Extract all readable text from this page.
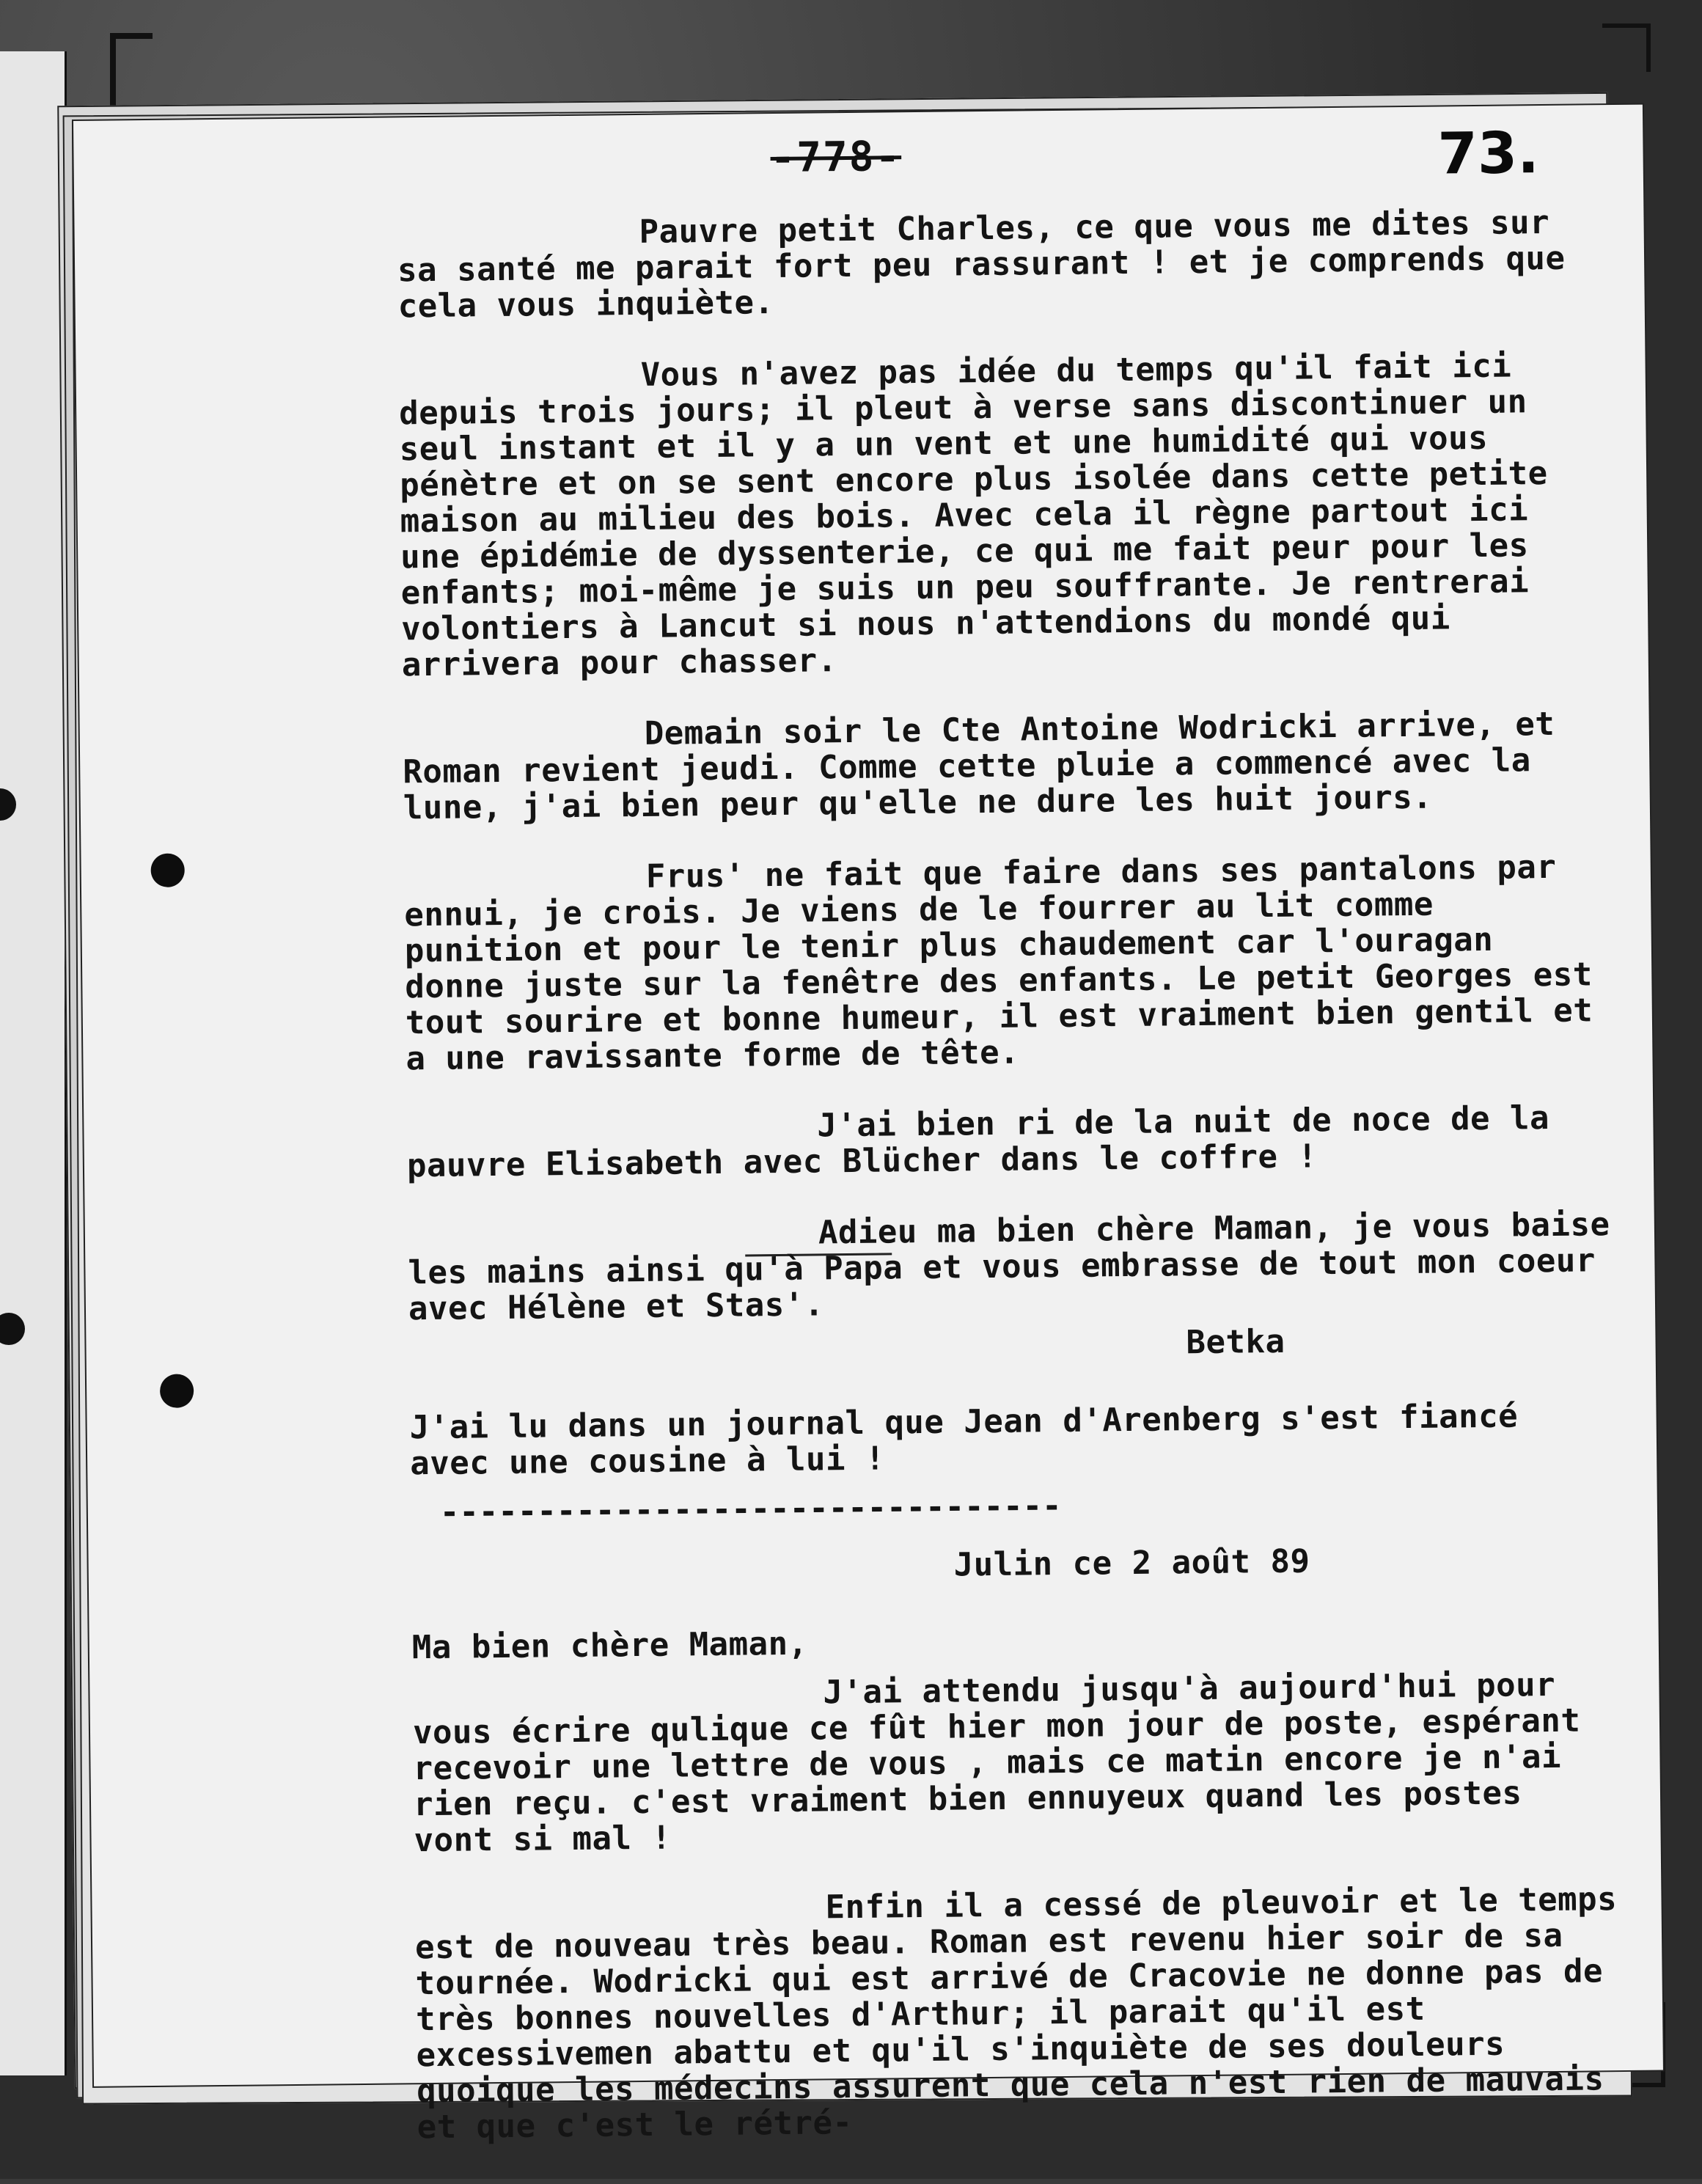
-778-	73.

Pauvre petit Charles, ce que vous me dites sur sa santé me parait fort peu rassurant ! et je comprends que cela vous inquiète.

Vous n'avez pas idée du temps qu'il fait ici depuis trois jours; il pleut à verse sans discontinuer un seul instant et il y a un vent et une humidité qui vous pénètre et on se sent encore plus isolée dans cette petite maison au milieu des bois. Avec cela il règne partout ici une épidémie de dyssenterie, ce qui me fait peur pour les enfants; moi-même je suis un peu souffrante. Je rentrerai volontiers à Lancut si nous n'attendions du mondé qui arrivera pour chasser.

Demain soir le Cte Antoine Wodricki arrive, et Roman revient jeudi. Comme cette pluie a commencé avec la lune, j'ai bien peur qu'elle ne dure les huit jours.

Frus' ne fait que faire dans ses pantalons par ennui, je crois. Je viens de le fourrer au lit comme punition et pour le tenir plus chaudement car l'ouragan donne juste sur la fenêtre des enfants. Le petit Georges est tout sourire et bonne humeur, il est vraiment bien gentil et a une ravissante forme de tête.

J'ai bien ri de la nuit de noce de la pauvre Elisabeth avec Blücher dans le coffre !

Adieu ma bien chère Maman, je vous baise les mains ainsi qu'à Papa et vous embrasse de tout mon coeur avec Hélène et Stas'.

Betka

J'ai lu dans un journal que Jean d'Arenberg s'est fiancé avec une cousine à lui !

--------------------------------

Julin ce 2 août 89

Ma bien chère Maman,

J'ai attendu jusqu'à aujourd'hui pour vous écrire qulique ce fût hier mon jour de poste, espérant recevoir une lettre de vous , mais ce matin encore je n'ai rien reçu. c'est vraiment bien ennuyeux quand les postes vont si mal !

Enfin il a cessé de pleuvoir et le temps est de nouveau très beau. Roman est revenu hier soir de sa tournée. Wodricki qui est arrivé de Cracovie ne donne pas de très bonnes nouvelles d'Arthur; il parait qu'il est excessivemen abattu et qu'il s'inquiète de ses douleurs quoique les médecins assurent que cela n'est rien de mauvais et que c'est le rétré-
